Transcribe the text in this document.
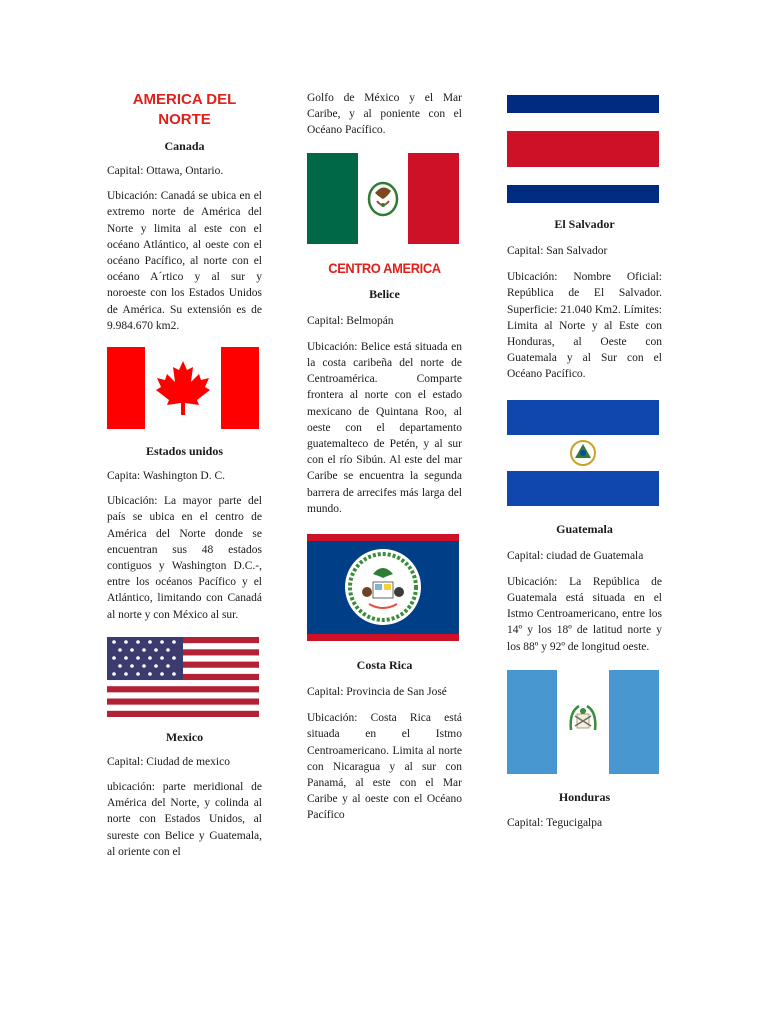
AMERICA DEL NORTE
Canada

Capital: Ottawa, Ontario.

Ubicación: Canadá se ubica en el extremo norte de América del Norte y limita al este con el océano Atlántico, al oeste con el océano Pacífico, al norte con el océano A´rtico y al sur y noroeste con los Estados Unidos de América. Su extensión es de 9.984.670 km2.

Estados unidos

Capita: Washington D. C.

Ubicación: La mayor parte del país se ubica en el centro de América del Norte donde se encuentran sus 48 estados contiguos y Washington D.C.-, entre los océanos Pacífico y el Atlántico, limitando con Canadá al norte y con México al sur.

Mexico

Capital: Ciudad de mexico

ubicación: parte meridional de América del Norte, y colinda al norte con Estados Unidos, al sureste con Belice y Guatemala, al oriente con el

Golfo de México y el Mar Caribe, y al poniente con el Océano Pacífico.

CENTRO AMERICA
Belice

Capital: Belmopán

Ubicación: Belice está situada en la costa caribeña del norte de Centroamérica. Comparte frontera al norte con el estado mexicano de Quintana Roo, al oeste con el departamento guatemalteco de Petén, y al sur con el río Sibún. Al este del mar Caribe se encuentra la segunda barrera de arrecifes más larga del mundo.

Costa Rica

Capital: Provincia de San José

Ubicación: Costa Rica está situada en el Istmo Centroamericano. Limita al norte con Nicaragua y al sur con Panamá, al este con el Mar Caribe y al oeste con el Océano Pacífico

El Salvador

Capital: San Salvador

Ubicación: Nombre Oficial: República de El Salvador. Superficie: 21.040 Km2. Límites: Limita al Norte y al Este con Honduras, al Oeste con Guatemala y al Sur con el Océano Pacífico.

Guatemala

Capital: ciudad de Guatemala

Ubicación: La República de Guatemala está situada en el Istmo Centroamericano, entre los 14º y los 18º de latitud norte y los 88º y 92º de longitud oeste.

Honduras

Capital: Tegucigalpa
